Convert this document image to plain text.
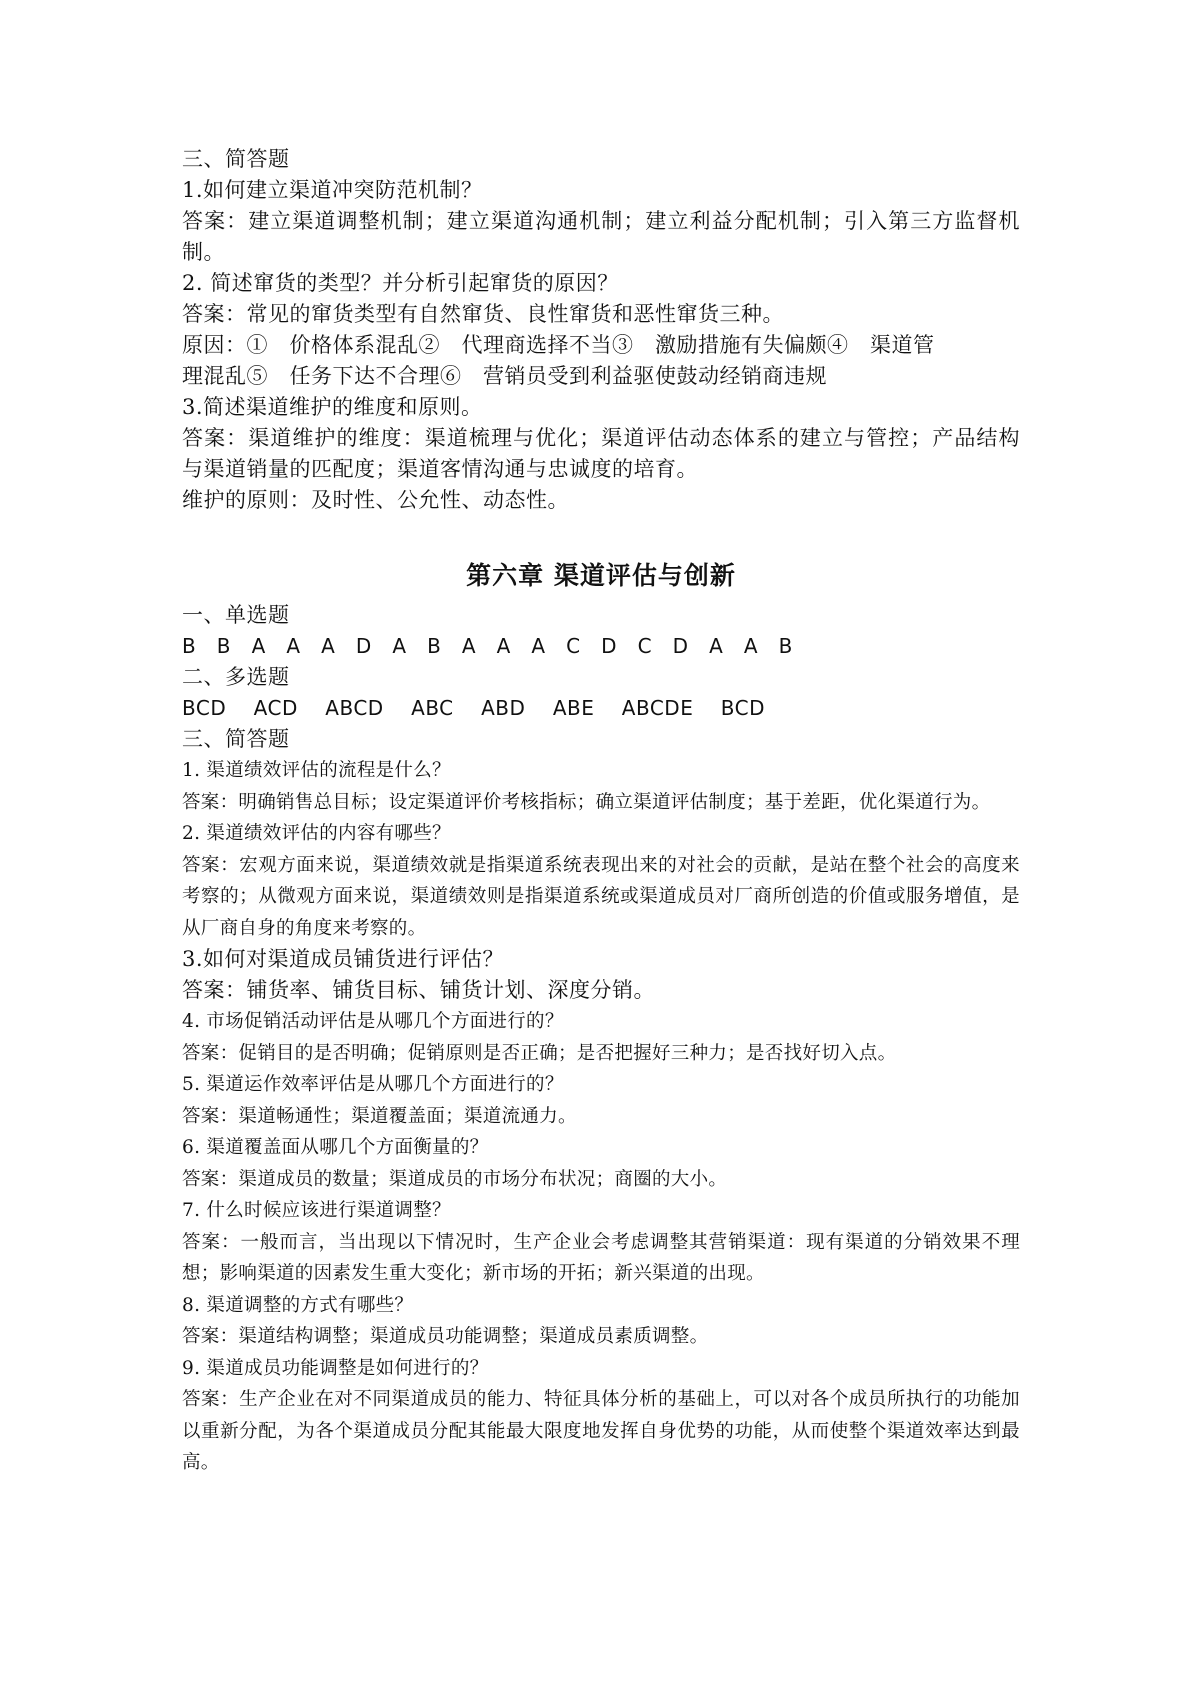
三、简答题
1.如何建立渠道冲突防范机制？
答案：建立渠道调整机制；建立渠道沟通机制；建立利益分配机制；引入第三方监督机制。
2. 简述窜货的类型？并分析引起窜货的原因？
答案：常见的窜货类型有自然窜货、良性窜货和恶性窜货三种。
原因：①　价格体系混乱②　代理商选择不当③　激励措施有失偏颇④　渠道管
理混乱⑤　任务下达不合理⑥　营销员受到利益驱使鼓动经销商违规
3.简述渠道维护的维度和原则。
答案：渠道维护的维度：渠道梳理与优化；渠道评估动态体系的建立与管控；产品结构与渠道销量的匹配度；渠道客情沟通与忠诚度的培育。
维护的原则：及时性、公允性、动态性。
第六章 渠道评估与创新
一、单选题
B   B   A   A   A   D   A   B   A   A   A   C   D   C   D   A   A   B
二、多选题
BCD    ACD    ABCD    ABC    ABD    ABE    ABCDE    BCD
三、简答题
1. 渠道绩效评估的流程是什么？
答案：明确销售总目标；设定渠道评价考核指标；确立渠道评估制度；基于差距，优化渠道行为。
2. 渠道绩效评估的内容有哪些？
答案：宏观方面来说，渠道绩效就是指渠道系统表现出来的对社会的贡献，是站在整个社会的高度来考察的；从微观方面来说，渠道绩效则是指渠道系统或渠道成员对厂商所创造的价值或服务增值，是从厂商自身的角度来考察的。
3.如何对渠道成员铺货进行评估？
答案：铺货率、铺货目标、铺货计划、深度分销。
4. 市场促销活动评估是从哪几个方面进行的？
答案：促销目的是否明确；促销原则是否正确；是否把握好三种力；是否找好切入点。
5. 渠道运作效率评估是从哪几个方面进行的？
答案：渠道畅通性；渠道覆盖面；渠道流通力。
6. 渠道覆盖面从哪几个方面衡量的？
答案：渠道成员的数量；渠道成员的市场分布状况；商圈的大小。
7. 什么时候应该进行渠道调整？
答案：一般而言，当出现以下情况时，生产企业会考虑调整其营销渠道：现有渠道的分销效果不理想；影响渠道的因素发生重大变化；新市场的开拓；新兴渠道的出现。
8. 渠道调整的方式有哪些？
答案：渠道结构调整；渠道成员功能调整；渠道成员素质调整。
9. 渠道成员功能调整是如何进行的？
答案：生产企业在对不同渠道成员的能力、特征具体分析的基础上，可以对各个成员所执行的功能加以重新分配，为各个渠道成员分配其能最大限度地发挥自身优势的功能，从而使整个渠道效率达到最高。
